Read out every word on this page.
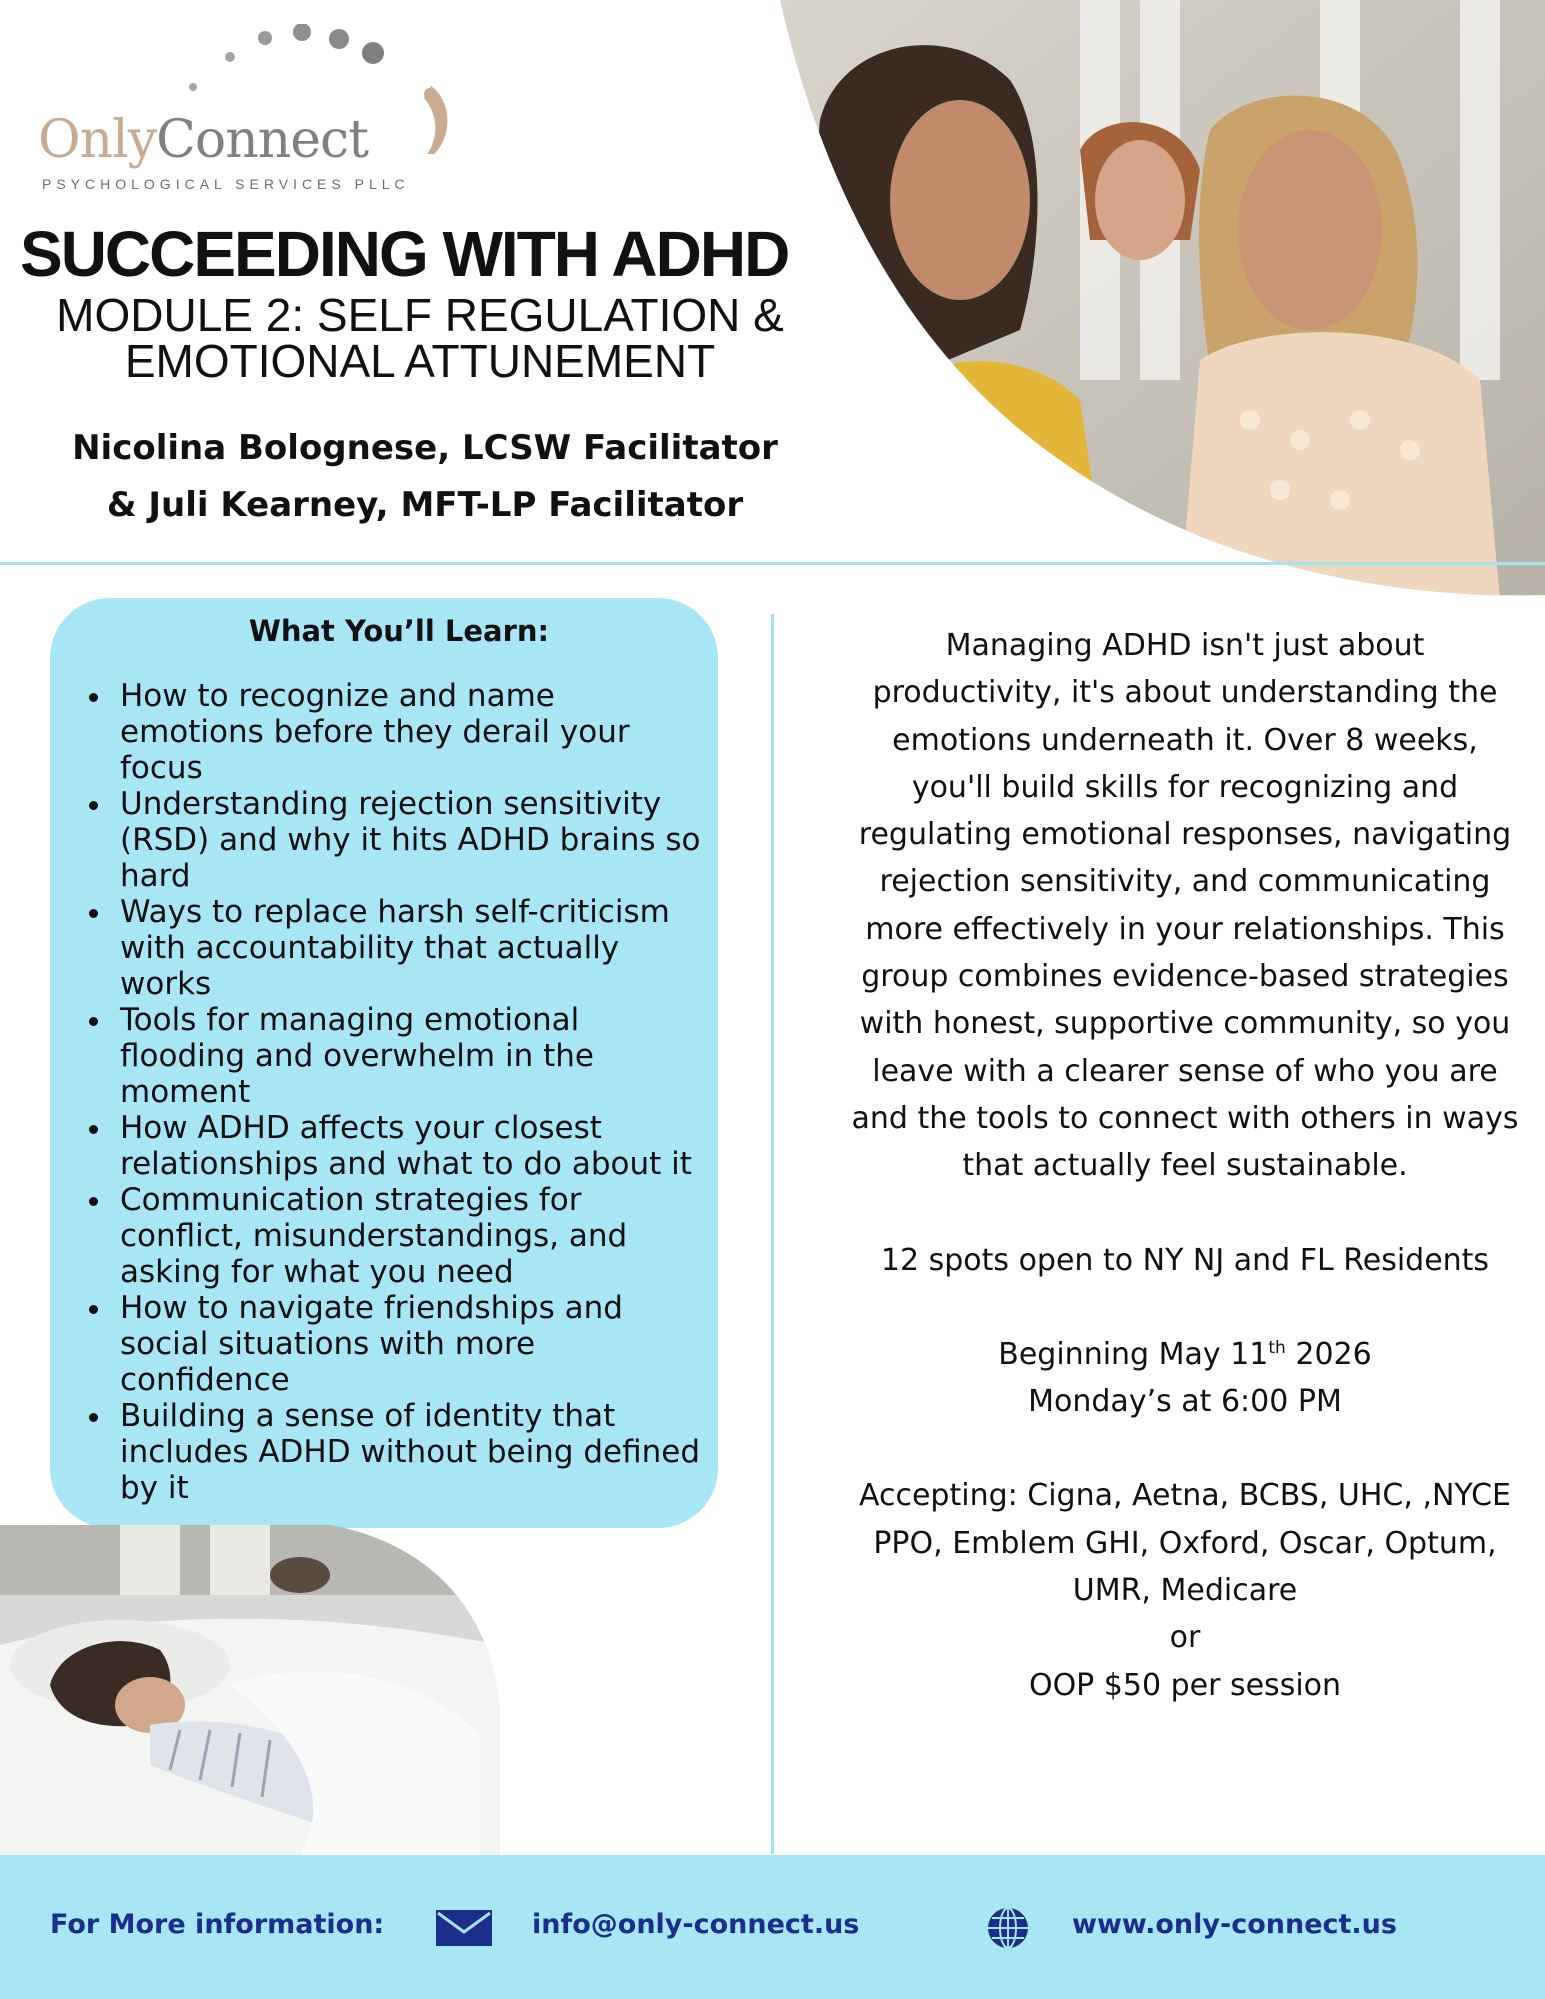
OnlyConnect
PSYCHOLOGICAL SERVICES PLLC
SUCCEEDING WITH ADHD
MODULE 2: SELF REGULATION &
EMOTIONAL ATTUNEMENT
Nicolina Bolognese, LCSW Facilitator
& Juli Kearney, MFT-LP Facilitator
What You’ll Learn:
• How to recognize and name emotions before they derail your focus
• Understanding rejection sensitivity (RSD) and why it hits ADHD brains so hard
• Ways to replace harsh self-criticism with accountability that actually works
• Tools for managing emotional flooding and overwhelm in the moment
• How ADHD affects your closest relationships and what to do about it
• Communication strategies for conflict, misunderstandings, and asking for what you need
• How to navigate friendships and social situations with more confidence
• Building a sense of identity that includes ADHD without being defined by it

Managing ADHD isn't just about productivity, it's about understanding the emotions underneath it. Over 8 weeks, you'll build skills for recognizing and regulating emotional responses, navigating rejection sensitivity, and communicating more effectively in your relationships. This group combines evidence-based strategies with honest, supportive community, so you leave with a clearer sense of who you are and the tools to connect with others in ways that actually feel sustainable.

12 spots open to NY NJ and FL Residents

Beginning May 11th 2026

Monday’s at 6:00 PM

Accepting: Cigna, Aetna, BCBS, UHC, ,NYCE PPO, Emblem GHI, Oxford, Oscar, Optum, UMR, Medicare

or

OOP $50 per session

For More information:	info@only-connect.us	www.only-connect.us
